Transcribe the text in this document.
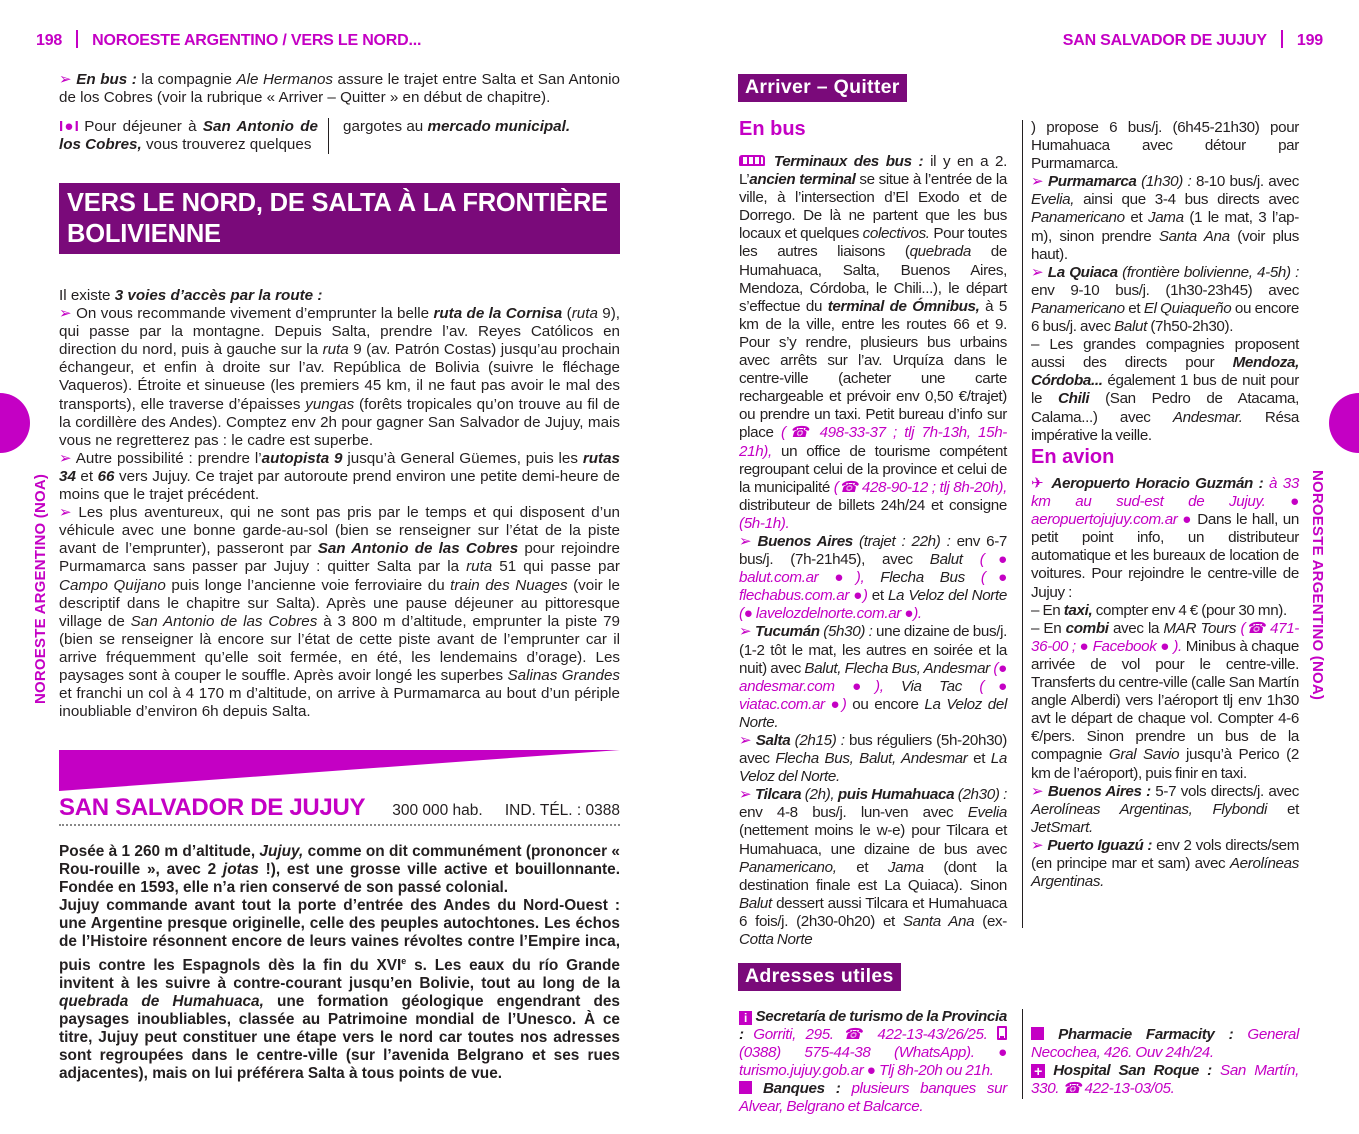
198 NOROESTE ARGENTINO / VERS LE NORD...	SAN SALVADOR DE JUJUY 199
NOROESTE ARGENTINO (NOA)	NOROESTE ARGENTINO (NOA)
➢ En bus : la compagnie Ale Hermanos assure le trajet entre Salta et San Antonio de los Cobres (voir la rubrique « Arriver – Quitter » en début de chapitre).
I●I Pour déjeuner à San Antonio de los Cobres, vous trouverez quelques
gargotes au mercado municipal.
VERS LE NORD, DE SALTA À LA FRONTIÈRE BOLIVIENNE
Il existe 3 voies d’accès par la route :
➢ On vous recommande vivement d’emprunter la belle ruta de la Cornisa (ruta 9), qui passe par la montagne. Depuis Salta, prendre l’av. Reyes Católicos en direction du nord, puis à gauche sur la ruta 9 (av. Patrón Costas) jusqu’au prochain échangeur, et enfin à droite sur l’av. República de Bolivia (suivre le fléchage Vaqueros). Étroite et sinueuse (les premiers 45 km, il ne faut pas avoir le mal des transports), elle traverse d’épaisses yungas (forêts tropicales qu’on trouve au fil de la cordillère des Andes). Comptez env 2h pour gagner San Salvador de Jujuy, mais vous ne regretterez pas : le cadre est superbe.
➢ Autre possibilité : prendre l’autopista 9 jusqu’à General Güemes, puis les rutas 34 et 66 vers Jujuy. Ce trajet par autoroute prend environ une petite demi-heure de moins que le trajet précédent.
➢ Les plus aventureux, qui ne sont pas pris par le temps et qui disposent d’un véhicule avec une bonne garde-au-sol (bien se renseigner sur l’état de la piste avant de l’emprunter), passeront par San Antonio de las Cobres pour rejoindre Purmamarca sans passer par Jujuy : quitter Salta par la ruta 51 qui passe par Campo Quijano puis longe l’ancienne voie ferroviaire du train des Nuages (voir le descriptif dans le chapitre sur Salta). Après une pause déjeuner au pittoresque village de San Antonio de las Cobres à 3 800 m d’altitude, emprunter la piste 79 (bien se renseigner là encore sur l’état de cette piste avant de l’emprunter car il arrive fréquemment qu’elle soit fermée, en été, les lendemains d’orage). Les paysages sont à couper le souffle. Après avoir longé les superbes Salinas Grandes et franchi un col à 4 170 m d’altitude, on arrive à Purmamarca au bout d’un périple inoubliable d’environ 6h depuis Salta.
SAN SALVADOR DE JUJUY 300 000 hab. IND. TÉL. : 0388
Posée à 1 260 m d’altitude, Jujuy, comme on dit communément (prononcer « Rou-rouille », avec 2 jotas !), est une grosse ville active et bouillonnante. Fondée en 1593, elle n’a rien conservé de son passé colonial.
Jujuy commande avant tout la porte d’entrée des Andes du Nord-Ouest : une Argentine presque originelle, celle des peuples autochtones. Les échos de l’Histoire résonnent encore de leurs vaines révoltes contre l’Empire inca, puis contre les Espagnols dès la fin du XVIe s. Les eaux du río Grande invitent à les suivre à contre-courant jusqu’en Bolivie, tout au long de la quebrada de Humahuaca, une formation géologique engendrant des paysages inoubliables, classée au Patrimoine mondial de l’Unesco. À ce titre, Jujuy peut constituer une étape vers le nord car toutes nos adresses sont regroupées dans le centre-ville (sur l’avenida Belgrano et ses rues adjacentes), mais on lui préférera Salta à tous points de vue.
Arriver – Quitter
En bus
Terminaux des bus : il y en a 2. L’ancien terminal se situe à l’entrée de la ville, à l’intersection d’El Exodo et de Dorrego. De là ne partent que les bus locaux et quelques colectivos. Pour toutes les autres liaisons (quebrada de Humahuaca, Salta, Buenos Aires, Mendoza, Córdoba, le Chili...), le départ s’effectue du terminal de Ómnibus, à 5 km de la ville, entre les routes 66 et 9. Pour s’y rendre, plusieurs bus urbains avec arrêts sur l’av. Urquíza dans le centre-ville (acheter une carte rechargeable et prévoir env 0,50 €/trajet) ou prendre un taxi. Petit bureau d’info sur place (☎ 498-33-37 ; tlj 7h-13h, 15h-21h), un office de tourisme compétent regroupant celui de la province et celui de la municipalité (☎ 428-90-12 ; tlj 8h-20h), distributeur de billets 24h/24 et consigne (5h-1h).
➢ Buenos Aires (trajet : 22h) : env 6-7 bus/j. (7h-21h45), avec Balut (● balut.com.ar ●), Flecha Bus (● flechabus.com.ar ●) et La Veloz del Norte (● lavelozdelnorte.com.ar ●).
➢ Tucumán (5h30) : une dizaine de bus/j. (1-2 tôt le mat, les autres en soirée et la nuit) avec Balut, Flecha Bus, Andesmar (● andesmar.com ●), Via Tac (● viatac.com.ar ●) ou encore La Veloz del Norte.
➢ Salta (2h15) : bus réguliers (5h-20h30) avec Flecha Bus, Balut, Andesmar et La Veloz del Norte.
➢ Tilcara (2h), puis Humahuaca (2h30) : env 4-8 bus/j. lun-ven avec Evelia (nettement moins le w-e) pour Tilcara et Humahuaca, une dizaine de bus avec Panamericano, et Jama (dont la destination finale est La Quiaca). Sinon Balut dessert aussi Tilcara et Humahuaca 6 fois/j. (2h30-0h20) et Santa Ana (ex-Cotta Norte
) propose 6 bus/j. (6h45-21h30) pour Humahuaca avec détour par Purmamarca.
➢ Purmamarca (1h30) : 8-10 bus/j. avec Evelia, ainsi que 3-4 bus directs avec Panamericano et Jama (1 le mat, 3 l’ap-m), sinon prendre Santa Ana (voir plus haut).
➢ La Quiaca (frontière bolivienne, 4-5h) : env 9-10 bus/j. (1h30-23h45) avec Panamericano et El Quiaqueño ou encore 6 bus/j. avec Balut (7h50-2h30).
– Les grandes compagnies proposent aussi des directs pour Mendoza, Córdoba... également 1 bus de nuit pour le Chili (San Pedro de Atacama, Calama...) avec Andesmar. Résa impérative la veille.
En avion
✈ Aeropuerto Horacio Guzmán : à 33 km au sud-est de Jujuy. ● aeropuertojujuy.com.ar ● Dans le hall, un petit point info, un distributeur automatique et les bureaux de location de voitures. Pour rejoindre le centre-ville de Jujuy :
– En taxi, compter env 4 € (pour 30 mn).
– En combi avec la MAR Tours (☎ 471-36-00 ; ● Facebook ● ). Minibus à chaque arrivée de vol pour le centre-ville. Transferts du centre-ville (calle San Martín angle Alberdi) vers l’aéroport tlj env 1h30 avt le départ de chaque vol. Compter 4-6 €/pers. Sinon prendre un bus de la compagnie Gral Savio jusqu’à Perico (2 km de l’aéroport), puis finir en taxi.
➢ Buenos Aires : 5-7 vols directs/j. avec Aerolíneas Argentinas, Flybondi et JetSmart.
➢ Puerto Iguazú : env 2 vols directs/sem (en principe mar et sam) avec Aerolíneas Argentinas.
Adresses utiles
i Secretaría de turismo de la Provincia : Gorriti, 295. ☎ 422-13-43/26/25.  (0388) 575-44-38 (WhatsApp). ● turismo.jujuy.gob.ar ● Tlj 8h-20h ou 21h.
Banques : plusieurs banques sur Alvear, Belgrano et Balcarce.
Pharmacie Farmacity : General Necochea, 426. Ouv 24h/24.
+ Hospital San Roque : San Martín, 330. ☎ 422-13-03/05.
